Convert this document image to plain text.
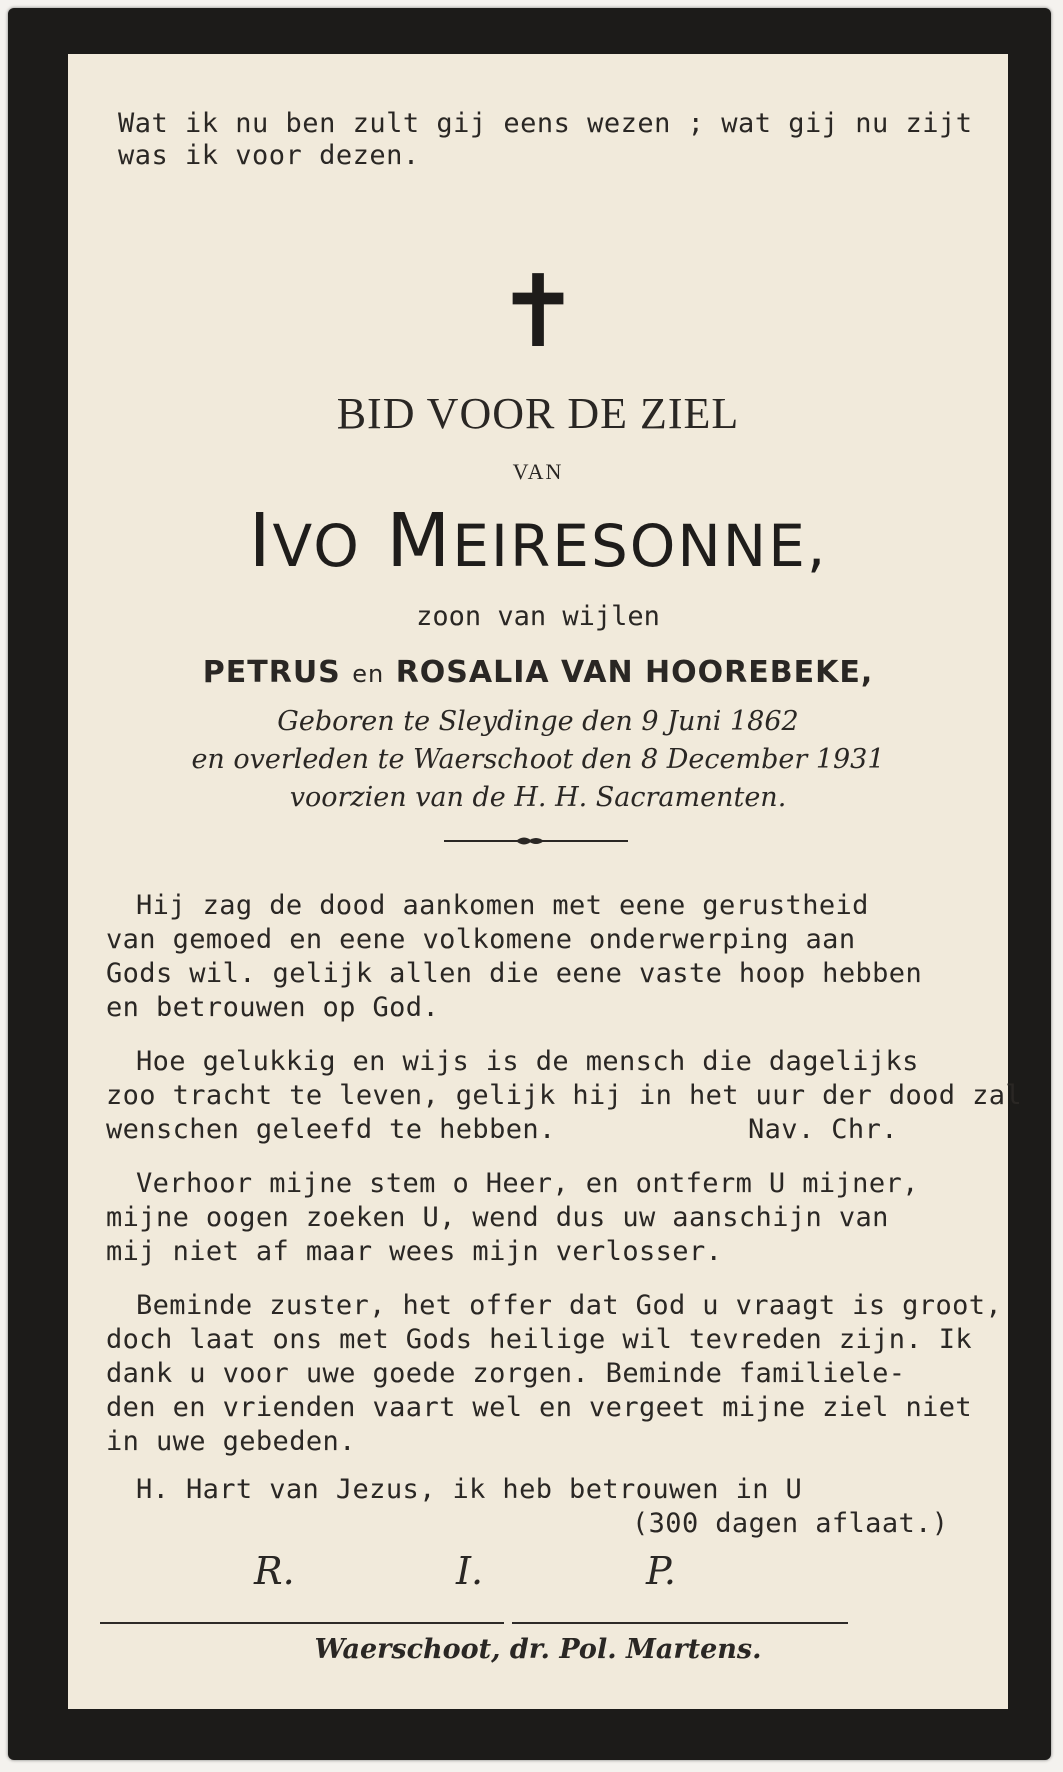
Wat ik nu ben zult gij eens wezen ; wat gij nu zijt
was ik voor dezen.
✝
BID VOOR DE ZIEL
VAN
IVO MEIRESONNE,
zoon van wijlen
PETRUS en ROSALIA VAN HOOREBEKE,
Geboren te Sleydinge den 9 Juni 1862
en overleden te Waerschoot den 8 December 1931
voorzien van de H. H. Sacramenten.
Hij zag de dood aankomen met eene gerustheid
van gemoed en eene volkomene onderwerping aan
Gods wil. gelijk allen die eene vaste hoop hebben
en betrouwen op God.
Hoe gelukkig en wijs is de mensch die dagelijks
zoo tracht te leven, gelijk hij in het uur der dood zal
wenschen geleefd te hebben.	Nav. Chr.
Verhoor mijne stem o Heer, en ontferm U mijner,
mijne oogen zoeken U, wend dus uw aanschijn van
mij niet af maar wees mijn verlosser.
Beminde zuster, het offer dat God u vraagt is groot,
doch laat ons met Gods heilige wil tevreden zijn. Ik
dank u voor uwe goede zorgen. Beminde familiele-
den en vrienden vaart wel en vergeet mijne ziel niet
in uwe gebeden.
H. Hart van Jezus, ik heb betrouwen in U
(300 dagen aflaat.)
R.	I.	P.
Waerschoot, dr. Pol. Martens.
